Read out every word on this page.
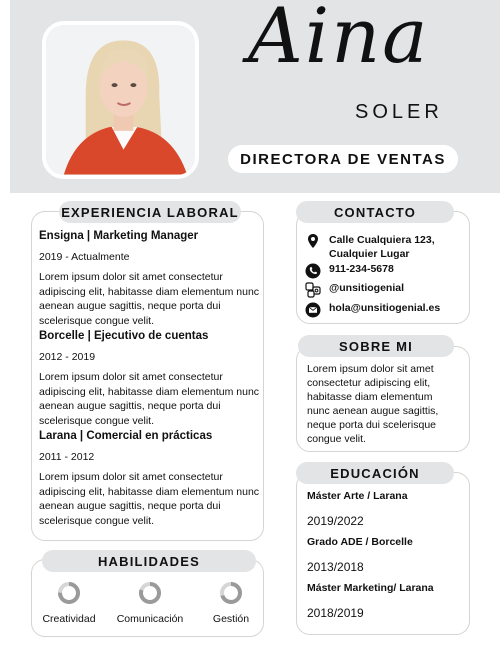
Aina
SOLER
DIRECTORA DE VENTAS
EXPERIENCIA LABORAL
Ensigna | Marketing Manager
2019 - Actualmente
Lorem ipsum dolor sit amet consectetur adipiscing elit, habitasse diam elementum nunc aenean augue sagittis, neque porta dui scelerisque congue velit.
Borcelle | Ejecutivo de cuentas
2012 - 2019
Lorem ipsum dolor sit amet consectetur adipiscing elit, habitasse diam elementum nunc aenean augue sagittis, neque porta dui scelerisque congue velit.
Larana | Comercial en prácticas
2011 - 2012
Lorem ipsum dolor sit amet consectetur adipiscing elit, habitasse diam elementum nunc aenean augue sagittis, neque porta dui scelerisque congue velit.
HABILIDADES
Creatividad	Comunicación	Gestión
CONTACTO
Calle Cualquiera 123,
Cualquier Lugar
911-234-5678
@unsitiogenial
hola@unsitiogenial.es
SOBRE MI
Lorem ipsum dolor sit amet consectetur adipiscing elit, habitasse diam elementum nunc aenean augue sagittis, neque porta dui scelerisque congue velit.
EDUCACIÓN
Máster Arte / Larana
2019/2022
Grado ADE / Borcelle
2013/2018
Máster Marketing/ Larana
2018/2019
